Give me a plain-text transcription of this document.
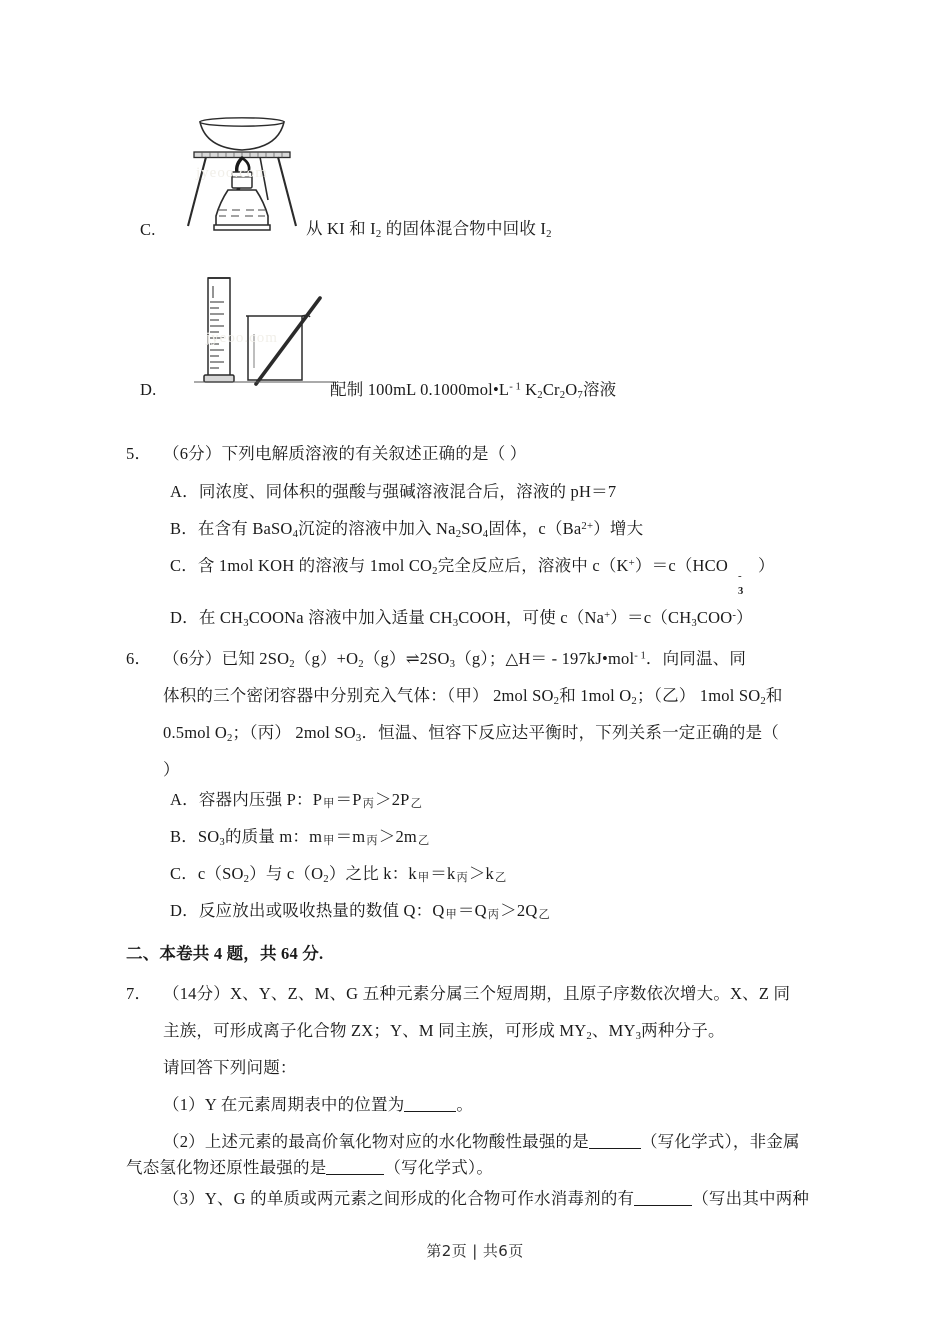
C.	从 KI 和 $I_2$ 的固体混合物中回收 $I_2$
D.	配制 100mL $0.1000mol•L^{- 1}$ $K_2Cr_2O_7$溶液
5． （6分）下列电解质溶液的有关叙述正确的是（ ）
A．同浓度、同体积的强酸与强碱溶液混合后，溶液的 pH＝7
B．在含有 BaSO$_4$沉淀的溶液中加入 $Na_2SO_4$固体，$c(Ba^{2+})$增大
C．含 1mol KOH 的溶液与 1mol $CO_2$完全反应后，溶液中 c（K+）＝c（HCO
-
3
）
D．在 $CH_3COONa$ 溶液中加入适量 $CH_3COOH$，可使 $c(Na^+)=c(CH_3COO^-)$
6． （6分）已知 $2SO_2(g)+O_2(g)\rightleftharpoons 2SO_3(g)$；△H＝ - 197kJ•mol$^{- 1}$．向同温、同
体积的三个密闭容器中分别充入气体：（甲） 2mol $SO_2$和 1mol $O_2$；（乙） 1mol $SO_2$和
0.5mol $O_2$；（丙） 2mol $SO_3$．恒温、恒容下反应达平衡时，下列关系一定正确的是（
）
A．容器内压强 P：P甲＝P丙＞2P乙
B．$SO_3$的质量 m：m甲＝m丙＞2m乙
C．$c(SO_2)$与 $c(O_2)$之比 k：k甲＝k丙＞k乙
D．反应放出或吸收热量的数值 Q：Q甲＝Q丙＞2Q乙
二、本卷共 4 题，共 64 分.
7． （14分）X、Y、Z、M、G 五种元素分属三个短周期，且原子序数依次增大。X、Z 同
主族，可形成离子化合物 ZX；Y、M 同主族，可形成 $MY_2$、$MY_3$两种分子。
请回答下列问题：
（1）Y 在元素周期表中的位置为	。
（2）上述元素的最高价氧化物对应的水化物酸性最强的是	（写化学式），非金属
气态氢化物还原性最强的是	（写化学式）。
（3）Y、G 的单质或两元素之间形成的化合物可作水消毒剂的有	（写出其中两种
jyeoo.com
jyeoo.com
第2页 | 共6页
